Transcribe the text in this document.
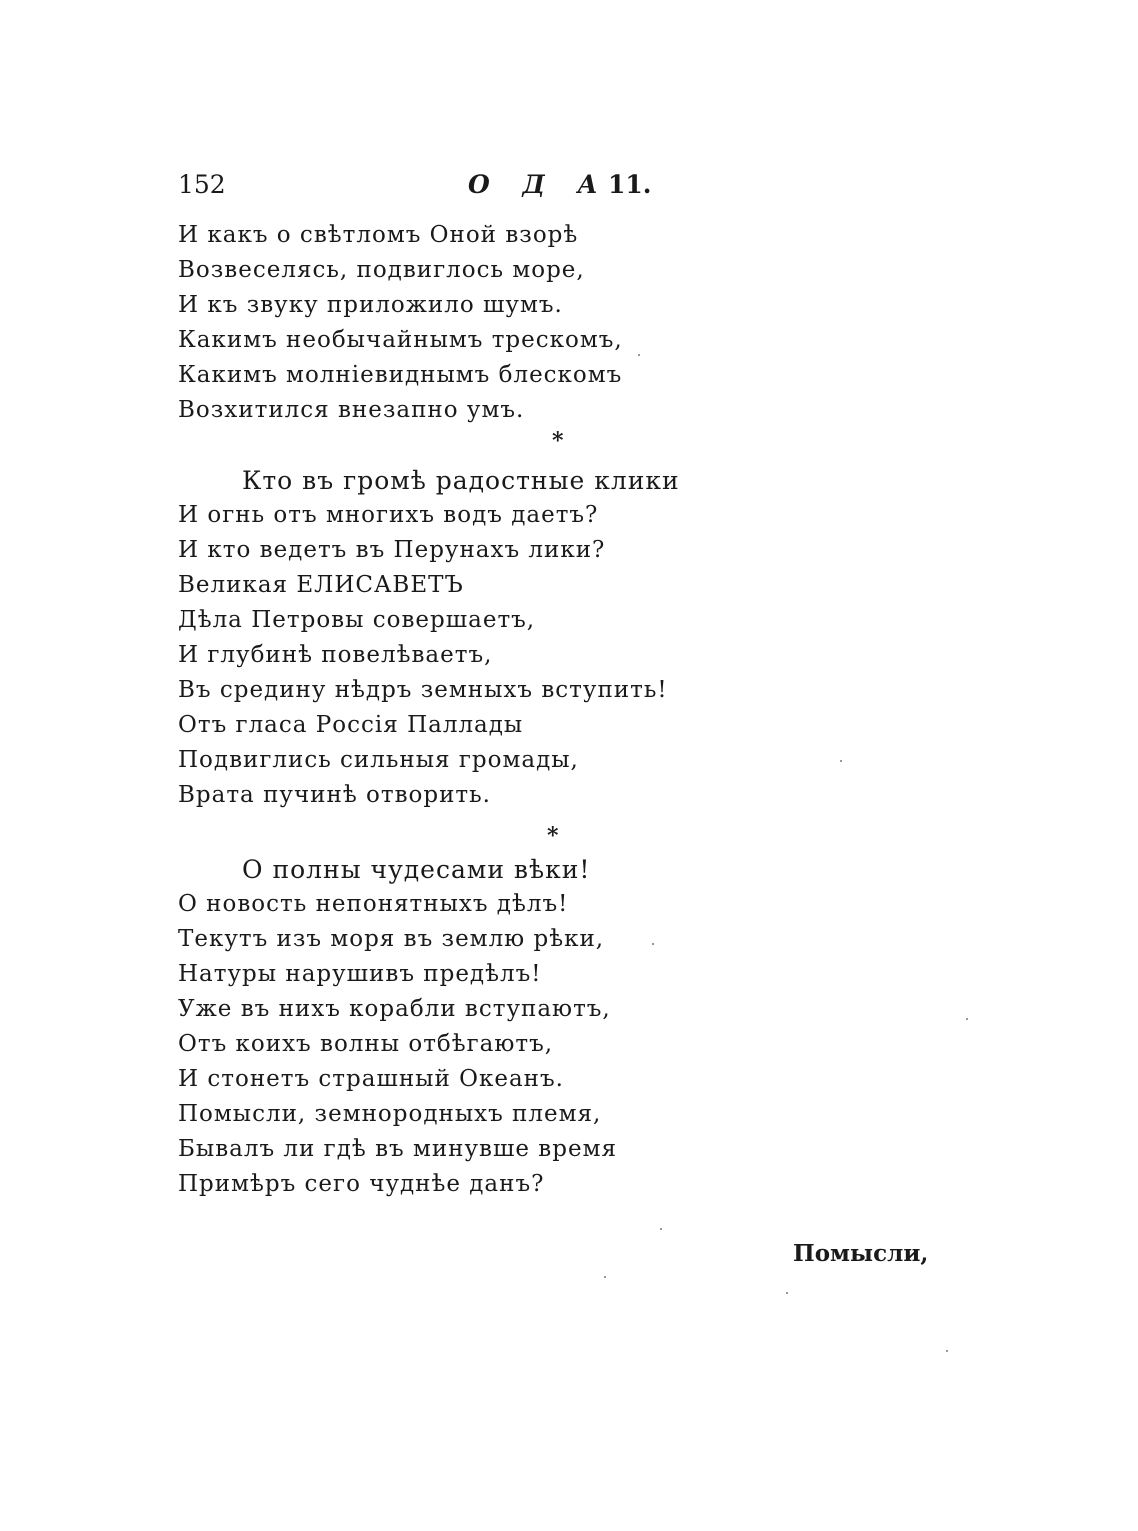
152	О Д А
11.
И какъ о свѣтломъ Оной взорѣ
Возвеселясь, подвиглось море,
И къ звуку приложило шумъ.
Какимъ необычайнымъ трескомъ,
Какимъ молнiевиднымъ блескомъ
Возхитился внезапно умъ.
*
Кто въ громѣ радостные клики
И огнь отъ многихъ водъ даетъ?
И кто ведетъ въ Перунахъ лики?
Великая ЕЛИСАВЕТЪ
Дѣла Петровы совершаетъ,
И глубинѣ повелѣваетъ,
Въ средину нѣдръ земныхъ вступить!
Отъ гласа Россiя Паллады
Подвиглись сильныя громады,
Врата пучинѣ отворить.
*
О полны чудесами вѣки!
О новость непонятныхъ дѣлъ!
Текутъ изъ моря въ землю рѣки,
Натуры нарушивъ предѣлъ!
Уже въ нихъ корабли вступаютъ,
Отъ коихъ волны отбѣгаютъ,
И стонетъ страшный Океанъ.
Помысли, земнородныхъ племя,
Бывалъ ли гдѣ въ минувше время
Примѣръ сего чуднѣе данъ?
Помысли,
